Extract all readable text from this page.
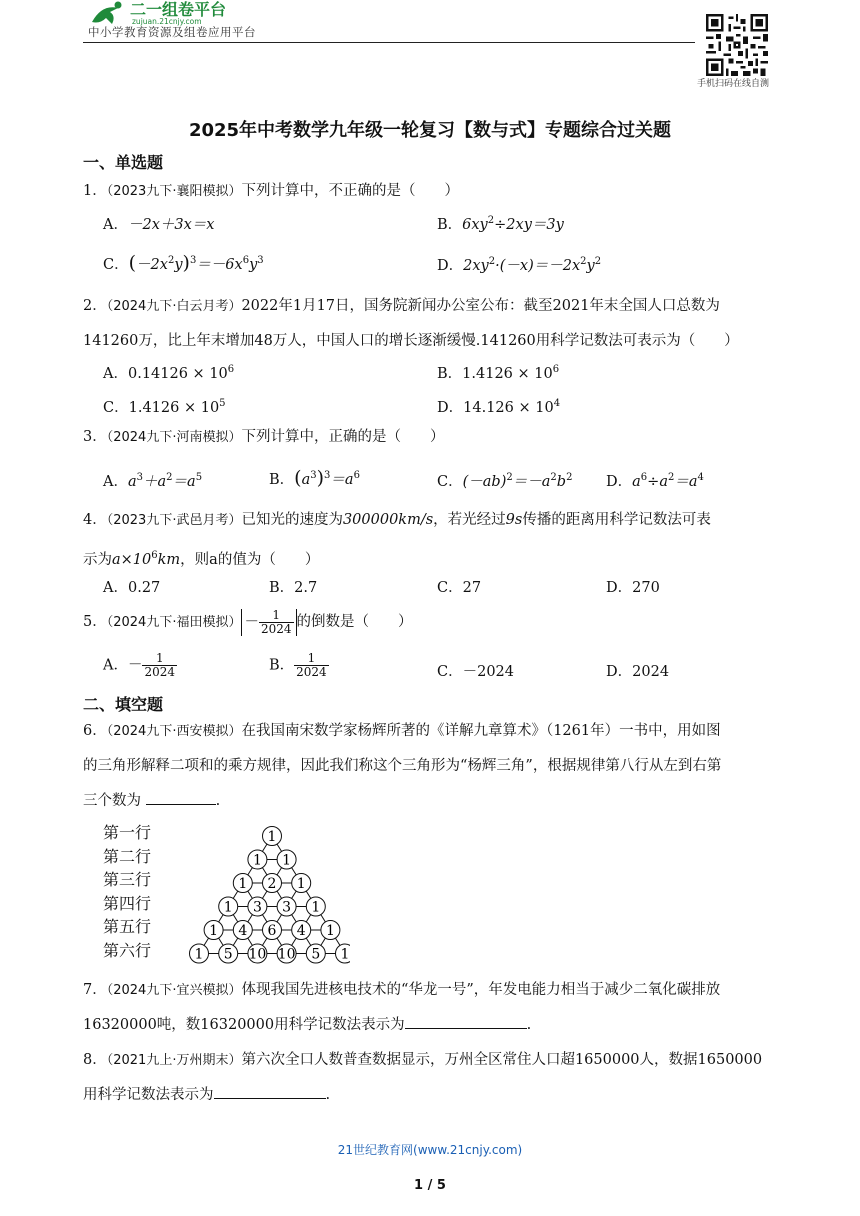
二一组卷平台
zujuan.21cnjy.com
中小学教育资源及组卷应用平台
手机扫码在线自测
2025年中考数学九年级一轮复习【数与式】专题综合过关题
一、单选题
1．（2023九下·襄阳模拟）下列计算中，不正确的是（　　）
A．－2x＋3x＝x	B．$6xy^2\div 2xy=3y$
C．$(-2x^2y)^3=-6x^6y^3$	D．$2xy^2\cdot(-x)=-2x^2y^2$
2．（2024九下·白云月考）2022年1月17日，国务院新闻办公室公布：截至2021年末全国人口总数为
141260万，比上年末增加48万人，中国人口的增长逐渐缓慢.141260用科学记数法可表示为（　　）
A．$0.14126 \times 10^6$	B．$1.4126 \times 10^6$
C．$1.4126 \times 10^5$	D．$14.126 \times 10^4$
3．（2024九下·河南模拟）下列计算中，正确的是（　　）
A．$a^3+a^2=a^5$	B．$(a^3)^3=a^6$	C．$(-ab)^2=-a^2b^2$ D．$a^6\div a^2=a^4$
4．（2023九下·武邑月考）已知光的速度为300000km/s，若光经过9s传播的距离用科学记数法可表
示为$a\times 10^6km$，则a的值为（　　）
A．0.27	B．2.7	C．27	D．270
5．（2024九下·福田模拟） － $\frac{1}{2024}$ 的倒数是（　　）
A．－ $\frac{1}{2024}$	B． $\frac{1}{2024}$	C．－2024	D．2024
二、填空题
6．（2024九下·西安模拟）在我国南宋数学家杨辉所著的《详解九章算术》（1261年）一书中，用如图
的三角形解释二项和的乘方规律，因此我们称这个三角形为“杨辉三角”，根据规律第八行从左到右第
三个数为	.
第一行
第二行
第三行
第四行
第五行
第六行
1
1 1
1 2 1
1 3 3 1
1 4 6 4 1
1 5 10 10 5 1
7．（2024九下·宜兴模拟）体现我国先进核电技术的“华龙一号”，年发电能力相当于减少二氧化碳排放
16320000吨，数16320000用科学记数法表示为	.
8．（2021九上·万州期末）第六次全口人数普查数据显示，万州全区常住人口超1650000人，数据1650000
用科学记数法表示为	.
21世纪教育网(www.21cnjy.com)
1 / 5
